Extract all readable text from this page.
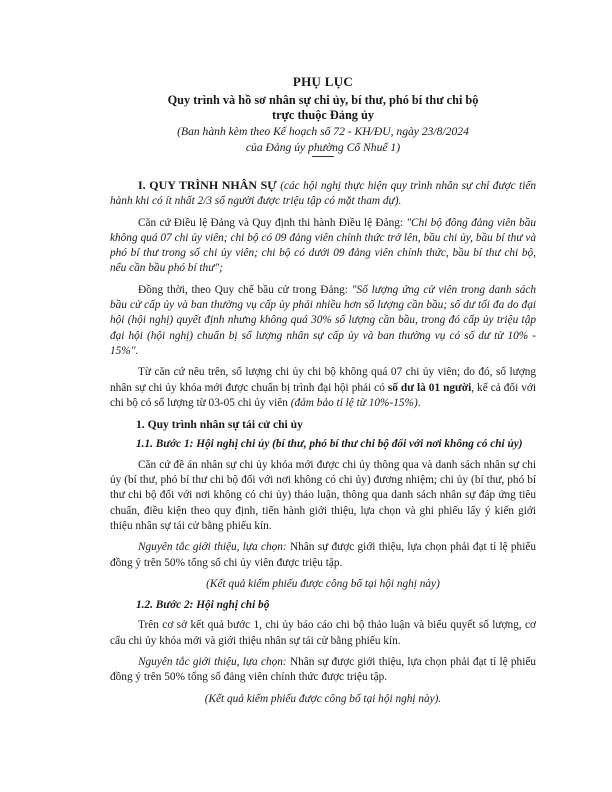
PHỤ LỤC
Quy trình và hồ sơ nhân sự chi ủy, bí thư, phó bí thư chi bộ
trực thuộc Đảng ủy
(Ban hành kèm theo Kế hoạch số 72 - KH/ĐU, ngày 23/8/2024
của Đảng ủy phường Cổ Nhuế 1)

I. QUY TRÌNH NHÂN SỰ (các hội nghị thực hiện quy trình nhân sự chỉ được tiến hành khi có ít nhất 2/3 số người được triệu tập có mặt tham dự).

Căn cứ Điều lệ Đảng và Quy định thi hành Điều lệ Đảng: "Chi bộ đông đảng viên bầu không quá 07 chi ủy viên; chi bộ có 09 đảng viên chính thức trở lên, bầu chi ủy, bầu bí thư và phó bí thư trong số chi ủy viên; chi bộ có dưới 09 đảng viên chính thức, bầu bí thư chi bộ, nếu cần bầu phó bí thư";

Đồng thời, theo Quy chế bầu cử trong Đảng: "Số lượng ứng cử viên trong danh sách bầu cử cấp ủy và ban thường vụ cấp ủy phải nhiều hơn số lượng cần bầu; số dư tối đa do đại hội (hội nghị) quyết định nhưng không quá 30% số lượng cần bầu, trong đó cấp ủy triệu tập đại hội (hội nghị) chuẩn bị số lượng nhân sự cấp ủy và ban thường vụ có số dư từ 10% - 15%".

Từ căn cứ nêu trên, số lượng chi ủy chi bộ không quá 07 chi ủy viên; do đó, số lượng nhân sự chi ủy khóa mới được chuẩn bị trình đại hội phải có số dư là 01 người, kể cả đối với chi bộ có số lượng từ 03-05 chi ủy viên (đảm bảo tỉ lệ từ 10%-15%).

1. Quy trình nhân sự tái cử chi ủy
1.1. Bước 1: Hội nghị chi ủy (bí thư, phó bí thư chi bộ đối với nơi không có chi ủy)

Căn cứ đề án nhân sự chi ủy khóa mới được chi ủy thông qua và danh sách nhân sự chi ủy (bí thư, phó bí thư chi bộ đối với nơi không có chi ủy) đương nhiệm; chi ủy (bí thư, phó bí thư chi bộ đối với nơi không có chi ủy) thảo luận, thông qua danh sách nhân sự đáp ứng tiêu chuẩn, điều kiện theo quy định, tiến hành giới thiệu, lựa chọn và ghi phiếu lấy ý kiến giới thiệu nhân sự tái cử bằng phiếu kín.

Nguyên tắc giới thiệu, lựa chọn: Nhân sự được giới thiệu, lựa chọn phải đạt tỉ lệ phiếu đồng ý trên 50% tổng số chi ủy viên được triệu tập.

(Kết quả kiểm phiếu được công bố tại hội nghị này)

1.2. Bước 2: Hội nghị chi bộ

Trên cơ sở kết quả bước 1, chi ủy báo cáo chi bộ thảo luận và biểu quyết số lượng, cơ cấu chi ủy khóa mới và giới thiệu nhân sự tái cử bằng phiếu kín.

Nguyên tắc giới thiệu, lựa chọn: Nhân sự được giới thiệu, lựa chọn phải đạt tỉ lệ phiếu đồng ý trên 50% tổng số đảng viên chính thức được triệu tập.

(Kết quả kiểm phiếu được công bố tại hội nghị này).
